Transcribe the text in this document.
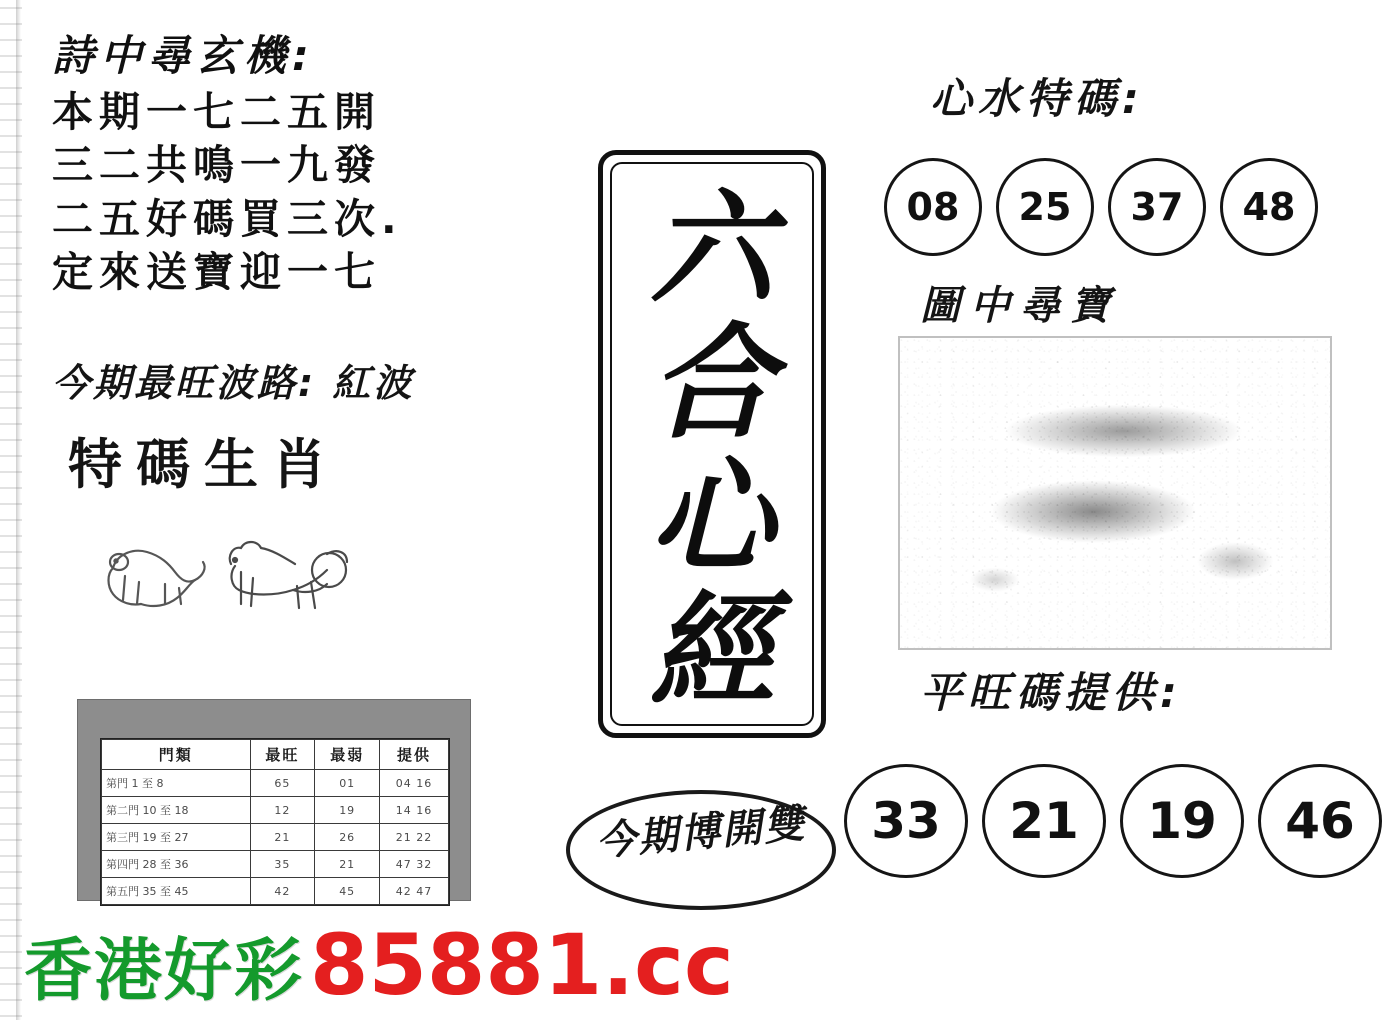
詩中尋玄機:
本期一七二五開
三二共鳴一九發
二五好碼買三次.
定來送寶迎一七
今期最旺波路: 紅波
特碼生肖
門類	最旺	最弱	提供
第門 1 至 8	65	01	04 16
第二門 10 至 18	12	19	14 16
第三門 19 至 27	21	26	21 22
第四門 28 至 36	35	21	47 32
第五門 35 至 45	42	45	42 47
六
合
心
經
今期博開雙
心水特碼:
08	25	37	48
圖中尋寶
平旺碼提供:
33	21	19	46
香港好彩 85881.cc
